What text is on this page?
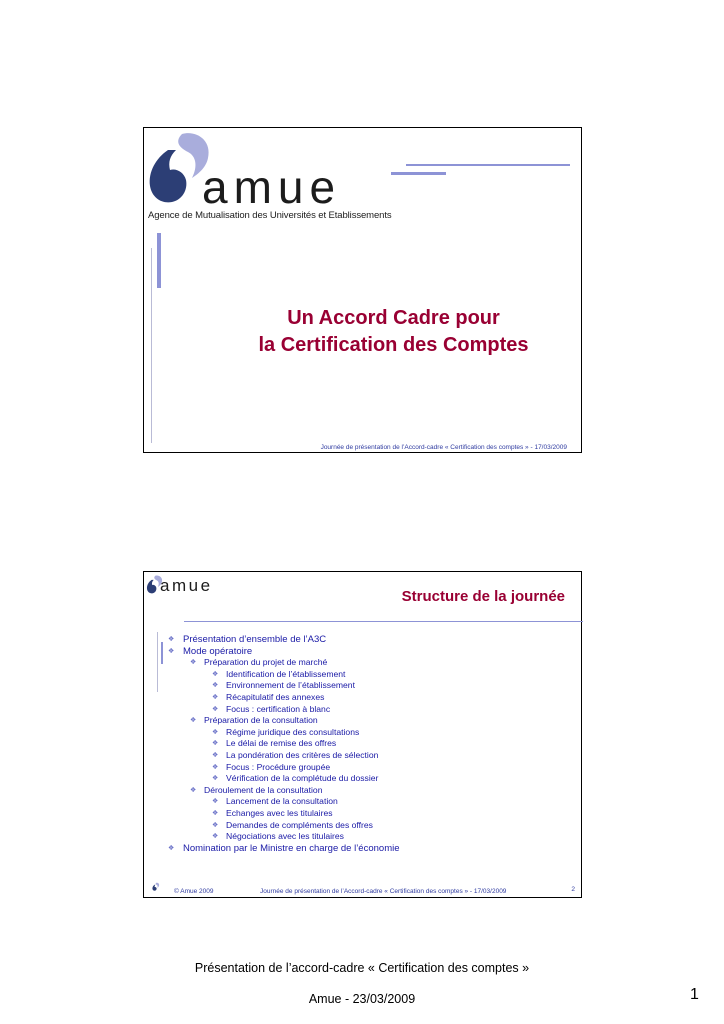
amue
Agence de Mutualisation des Universités et Etablissements
Un Accord Cadre pour
la Certification des Comptes
Journée de présentation de l’Accord-cadre « Certification des comptes » - 17/03/2009
amue
Structure de la journée
❖ Présentation d’ensemble de l’A3C
❖ Mode opératoire
❖ Préparation du projet de marché
❖ Identification de l’établissement
❖ Environnement de l’établissement
❖ Récapitulatif des annexes
❖ Focus : certification à blanc
❖ Préparation de la consultation
❖ Régime juridique des consultations
❖ Le délai de remise des offres
❖ La pondération des critères de sélection
❖ Focus : Procédure groupée
❖ Vérification de la complétude du dossier
❖ Déroulement de la consultation
❖ Lancement de la consultation
❖ Echanges avec les titulaires
❖ Demandes de compléments des offres
❖ Négociations avec les titulaires
❖ Nomination par le Ministre en charge de l’économie
© Amue 2009	Journée de présentation de l’Accord-cadre « Certification des comptes » - 17/03/2009	2
Présentation de l’accord-cadre « Certification des comptes »
Amue - 23/03/2009	1
